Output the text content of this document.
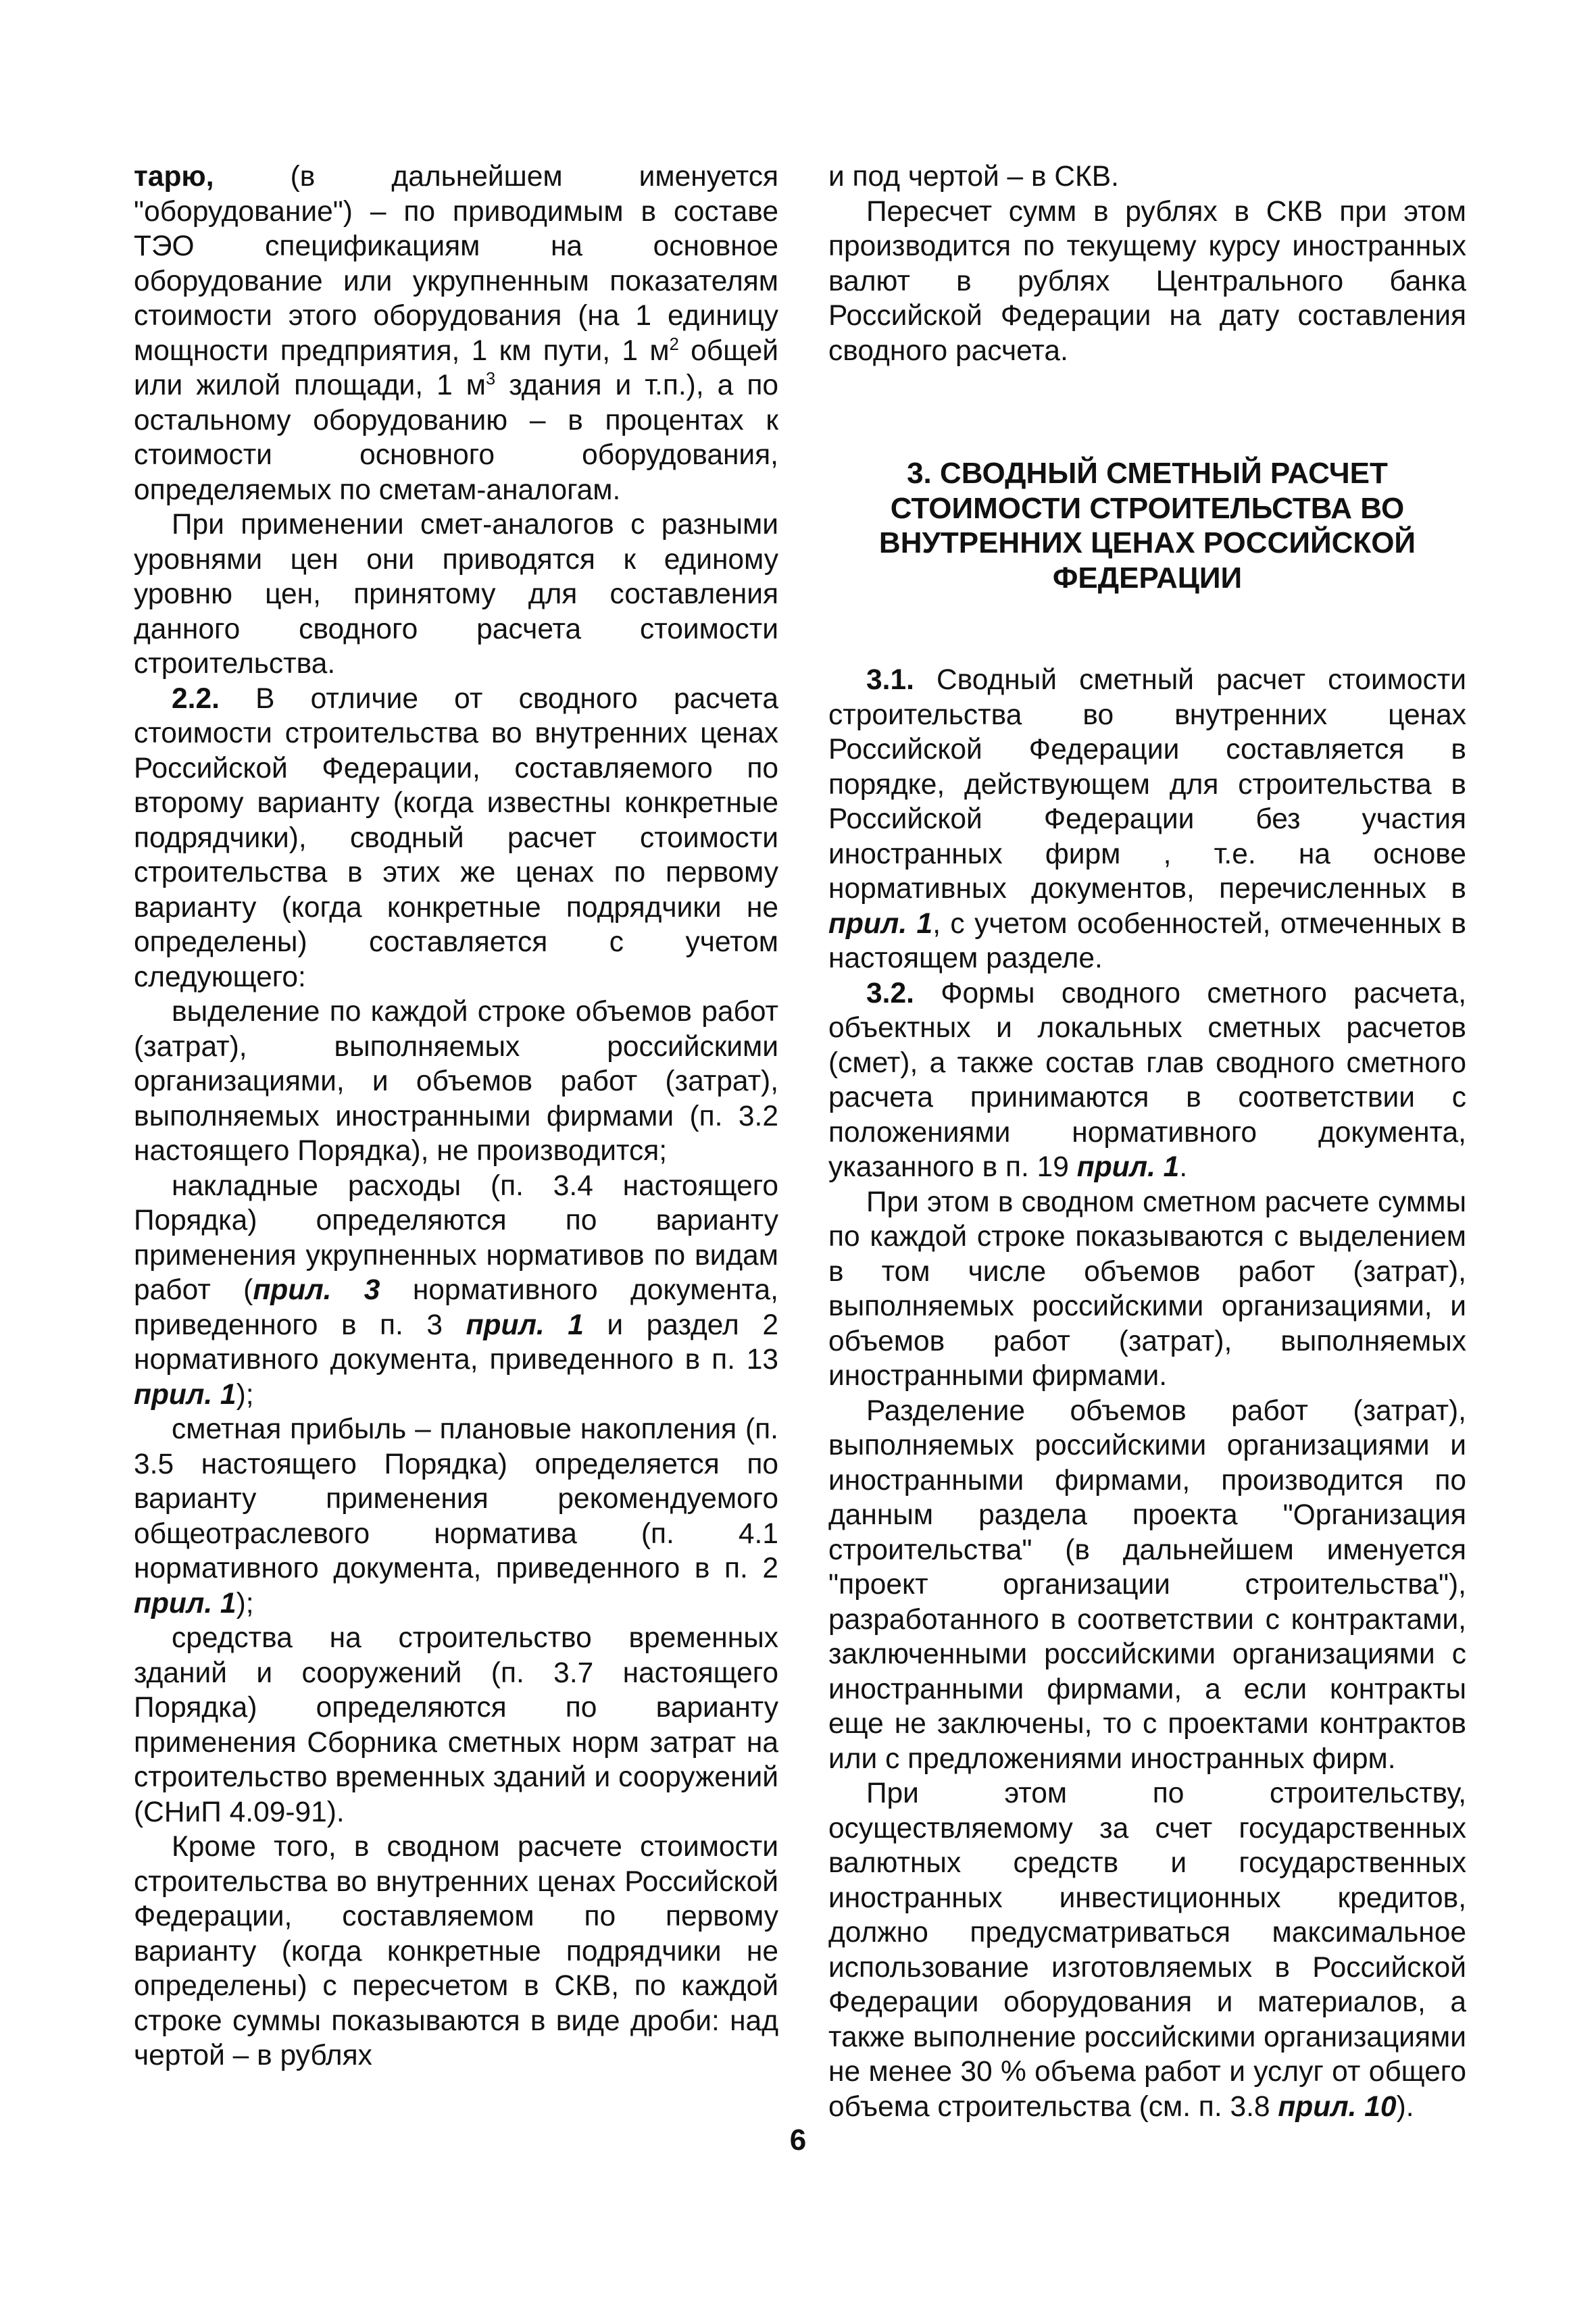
тарю, (в дальнейшем именуется "оборудование") – по приводимым в составе ТЭО спецификациям на основное оборудование или укрупненным показателям стоимости этого оборудования (на 1 единицу мощности предприятия, 1 км пути, 1 $м^2$ общей или жилой площади, 1 $м^3$ здания и т.п.), а по остальному оборудованию – в процентах к стоимости основного оборудования, определяемых по сметам-аналогам.

При применении смет-аналогов с разными уровнями цен они приводятся к единому уровню цен, принятому для составления данного сводного расчета стоимости строительства.

2.2. В отличие от сводного расчета стоимости строительства во внутренних ценах Российской Федерации, составляемого по второму варианту (когда известны конкретные подрядчики), сводный расчет стоимости строительства в этих же ценах по первому варианту (когда конкретные подрядчики не определены) составляется с учетом следующего:

выделение по каждой строке объемов работ (затрат), выполняемых российскими организациями, и объемов работ (затрат), выполняемых иностранными фирмами (п. 3.2 настоящего Порядка), не производится;

накладные расходы (п. 3.4 настоящего Порядка) определяются по варианту применения укрупненных нормативов по видам работ (прил. 3 нормативного документа, приведенного в п. 3 прил. 1 и раздел 2 нормативного документа, приведенного в п. 13 прил. 1);

сметная прибыль – плановые накопления (п. 3.5 настоящего Порядка) определяется по варианту применения рекомендуемого общеотраслевого норматива (п. 4.1 нормативного документа, приведенного в п. 2 прил. 1);

средства на строительство временных зданий и сооружений (п. 3.7 настоящего Порядка) определяются по варианту применения Сборника сметных норм затрат на строительство временных зданий и сооружений (СНиП 4.09-91).

Кроме того, в сводном расчете стоимости строительства во внутренних ценах Российской Федерации, составляемом по первому варианту (когда конкретные подрядчики не определены) с пересчетом в СКВ, по каждой строке суммы показываются в виде дроби: над чертой – в рублях

и под чертой – в СКВ.

Пересчет сумм в рублях в СКВ при этом производится по текущему курсу иностранных валют в рублях Центрального банка Российской Федерации на дату составления сводного расчета.

3. СВОДНЫЙ СМЕТНЫЙ РАСЧЕТ
СТОИМОСТИ СТРОИТЕЛЬСТВА ВО
ВНУТРЕННИХ ЦЕНАХ РОССИЙСКОЙ
ФЕДЕРАЦИИ

3.1. Сводный сметный расчет стоимости строительства во внутренних ценах Российской Федерации составляется в порядке, действующем для строительства в Российской Федерации без участия иностранных фирм , т.е. на основе нормативных документов, перечисленных в прил. 1, с учетом особенностей, отмеченных в настоящем разделе.

3.2. Формы сводного сметного расчета, объектных и локальных сметных расчетов (смет), а также состав глав сводного сметного расчета принимаются в соответствии с положениями нормативного документа, указанного в п. 19 прил. 1.

При этом в сводном сметном расчете суммы по каждой строке показываются с выделением в том числе объемов работ (затрат), выполняемых российскими организациями, и объемов работ (затрат), выполняемых иностранными фирмами.

Разделение объемов работ (затрат), выполняемых российскими организациями и иностранными фирмами, производится по данным раздела проекта "Организация строительства" (в дальнейшем именуется "проект организации строительства"), разработанного в соответствии с контрактами, заключенными российскими организациями с иностранными фирмами, а если контракты еще не заключены, то с проектами контрактов или с предложениями иностранных фирм.

При этом по строительству, осуществляемому за счет государственных валютных средств и государственных иностранных инвестиционных кредитов, должно предусматриваться максимальное использование изготовляемых в Российской Федерации оборудования и материалов, а также выполнение российскими организациями не менее 30 % объема работ и услуг от общего объема строительства (см. п. 3.8 прил. 10).

6
